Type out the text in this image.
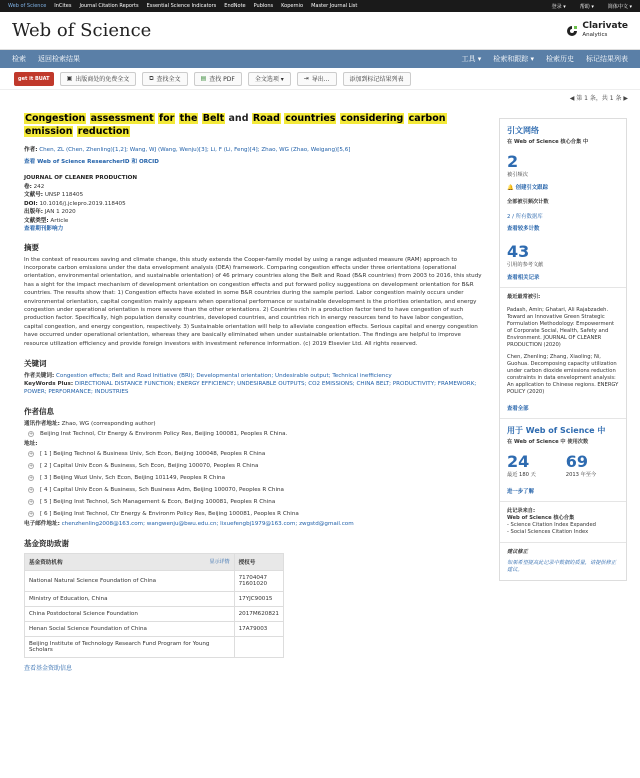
Web of Science InCites Journal Citation Reports Essential Science Indicators EndNote Publons Kopernio Master Journal List	登录 ▾	帮助 ▾	简体中文 ▾
Web of Science	Clarivate
Analytics
检索 返回检索结果	工具 ▾ 检索和跟踪 ▾ 检索历史 标记结果列表
get it BUAT	▣ 出版商处的免费全文	⧉ 查找全文	▤ 查找 PDF	全文选项 ▾	⇥ 导出...	添加到标记结果列表
◀ 第 1 条，共 1 条 ▶
Congestion assessment for the Belt and Road countries considering carbon emission reduction
作者: Chen, ZL (Chen, Zhenling)[1,2]; Wang, WJ (Wang, Wenju)[3]; Li, F (Li, Feng)[4]; Zhao, WG (Zhao, Weigang)[5,6]
查看 Web of Science ResearcherID 和 ORCID
JOURNAL OF CLEANER PRODUCTION
卷: 242
文献号: UNSP 118405
DOI: 10.1016/j.jclepro.2019.118405
出版年: JAN 1 2020
文献类型: Article
查看期刊影响力
摘要
In the context of resources saving and climate change, this study extends the Cooper-family model by using a range adjusted measure (RAM) approach to incorporate carbon emissions under the data envelopment analysis (DEA) framework. Comparing congestion effects under three orientations (operational orientation, environmental orientation, and sustainable orientation) of 46 primary countries along the Belt and Road (B&R countries) from 2003 to 2016, this study has a sight for the impact mechanism of development orientation on congestion effects and put forward policy suggestions on development orientation for B&R countries. The results show that: 1) Congestion effects have existed in some B&R countries during the sample period. Labor congestion mainly occurs under environmental orientation, capital congestion mainly appears when operational performance or sustainable development is the priorities orientation, and energy congestion under operational orientation is more severe than the other orientations. 2) Countries rich in a production factor tend to have congestion of such production factor. Specifically, high population density countries, developed countries, and countries rich in energy resources tend to have labor congestion, capital congestion, and energy congestion, respectively. 3) Sustainable orientation will help to alleviate congestion effects. Serious capital and energy congestion have occurred under operational orientation, whereas they are basically eliminated when under sustainable orientation. The findings are helpful to improve resource utilization efficiency and provide foreign investors with investment reference information. (c) 2019 Elsevier Ltd. All rights reserved.
关键词
作者关键词: Congestion effects; Belt and Road Initiative (BRI); Developmental orientation; Undesirable output; Technical inefficiency
KeyWords Plus: DIRECTIONAL DISTANCE FUNCTION; ENERGY EFFICIENCY; UNDESIRABLE OUTPUTS; CO2 EMISSIONS; CHINA BELT; PRODUCTIVITY; FRAMEWORK; POWER; PERFORMANCE; INDUSTRIES
作者信息
通讯作者地址: Zhao, WG (corresponding author)
+ Beijing Inst Technol, Ctr Energy & Environm Policy Res, Beijing 100081, Peoples R China.
地址:
+ [ 1 ] Beijing Technol & Business Univ, Sch Econ, Beijing 100048, Peoples R China
+ [ 2 ] Capital Univ Econ & Business, Sch Econ, Beijing 100070, Peoples R China
+ [ 3 ] Beijing Wuzi Univ, Sch Econ, Beijing 101149, Peoples R China
+ [ 4 ] Capital Univ Econ & Business, Sch Business Adm, Beijing 100070, Peoples R China
+ [ 5 ] Beijing Inst Technol, Sch Management & Econ, Beijing 100081, Peoples R China
+ [ 6 ] Beijing Inst Technol, Ctr Energy & Environm Policy Res, Beijing 100081, Peoples R China
电子邮件地址: chenzhenling2008@163.com; wangwenju@bwu.edu.cn; lixuefengbj1979@163.com; zwgstd@gmail.com
基金资助致谢
基金资助机构 显示详情	授权号
National Natural Science Foundation of China	71704047
71601020
Ministry of Education, China	17YJC90015
China Postdoctoral Science Foundation	2017M620821
Henan Social Science Foundation of China	17A79003
Beijing Institute of Technology Research Fund Program for Young Scholars	
查看基金资助信息
引文网络
在 Web of Science 核心合集 中
2
被引频次
🔔 创建引文跟踪
全部被引频次计数
2 / 所有数据库
查看较多计数
43
引用的参考文献
查看相关记录
最近最常被引:
Padash, Amin; Ghatari, Ali Rajabzadeh. Toward an Innovative Green Strategic Formulation Methodology: Empowerment of Corporate Social, Health, Safety and Environment. JOURNAL OF CLEANER PRODUCTION (2020)
Chen, Zhenling; Zhang, Xiaoling; Ni, Guohua. Decomposing capacity utilization under carbon dioxide emissions reduction constraints in data envelopment analysis: An application to Chinese regions. ENERGY POLICY (2020)
查看全部
用于 Web of Science 中
在 Web of Science 中 使用次数
24
最近 180 天
69
2013 年至今
进一步了解
此记录来自:
Web of Science 核心合集
- Science Citation Index Expanded
- Social Sciences Citation Index
建议修正
如果希望提高此记录中数据的质量，请提供修正建议。
